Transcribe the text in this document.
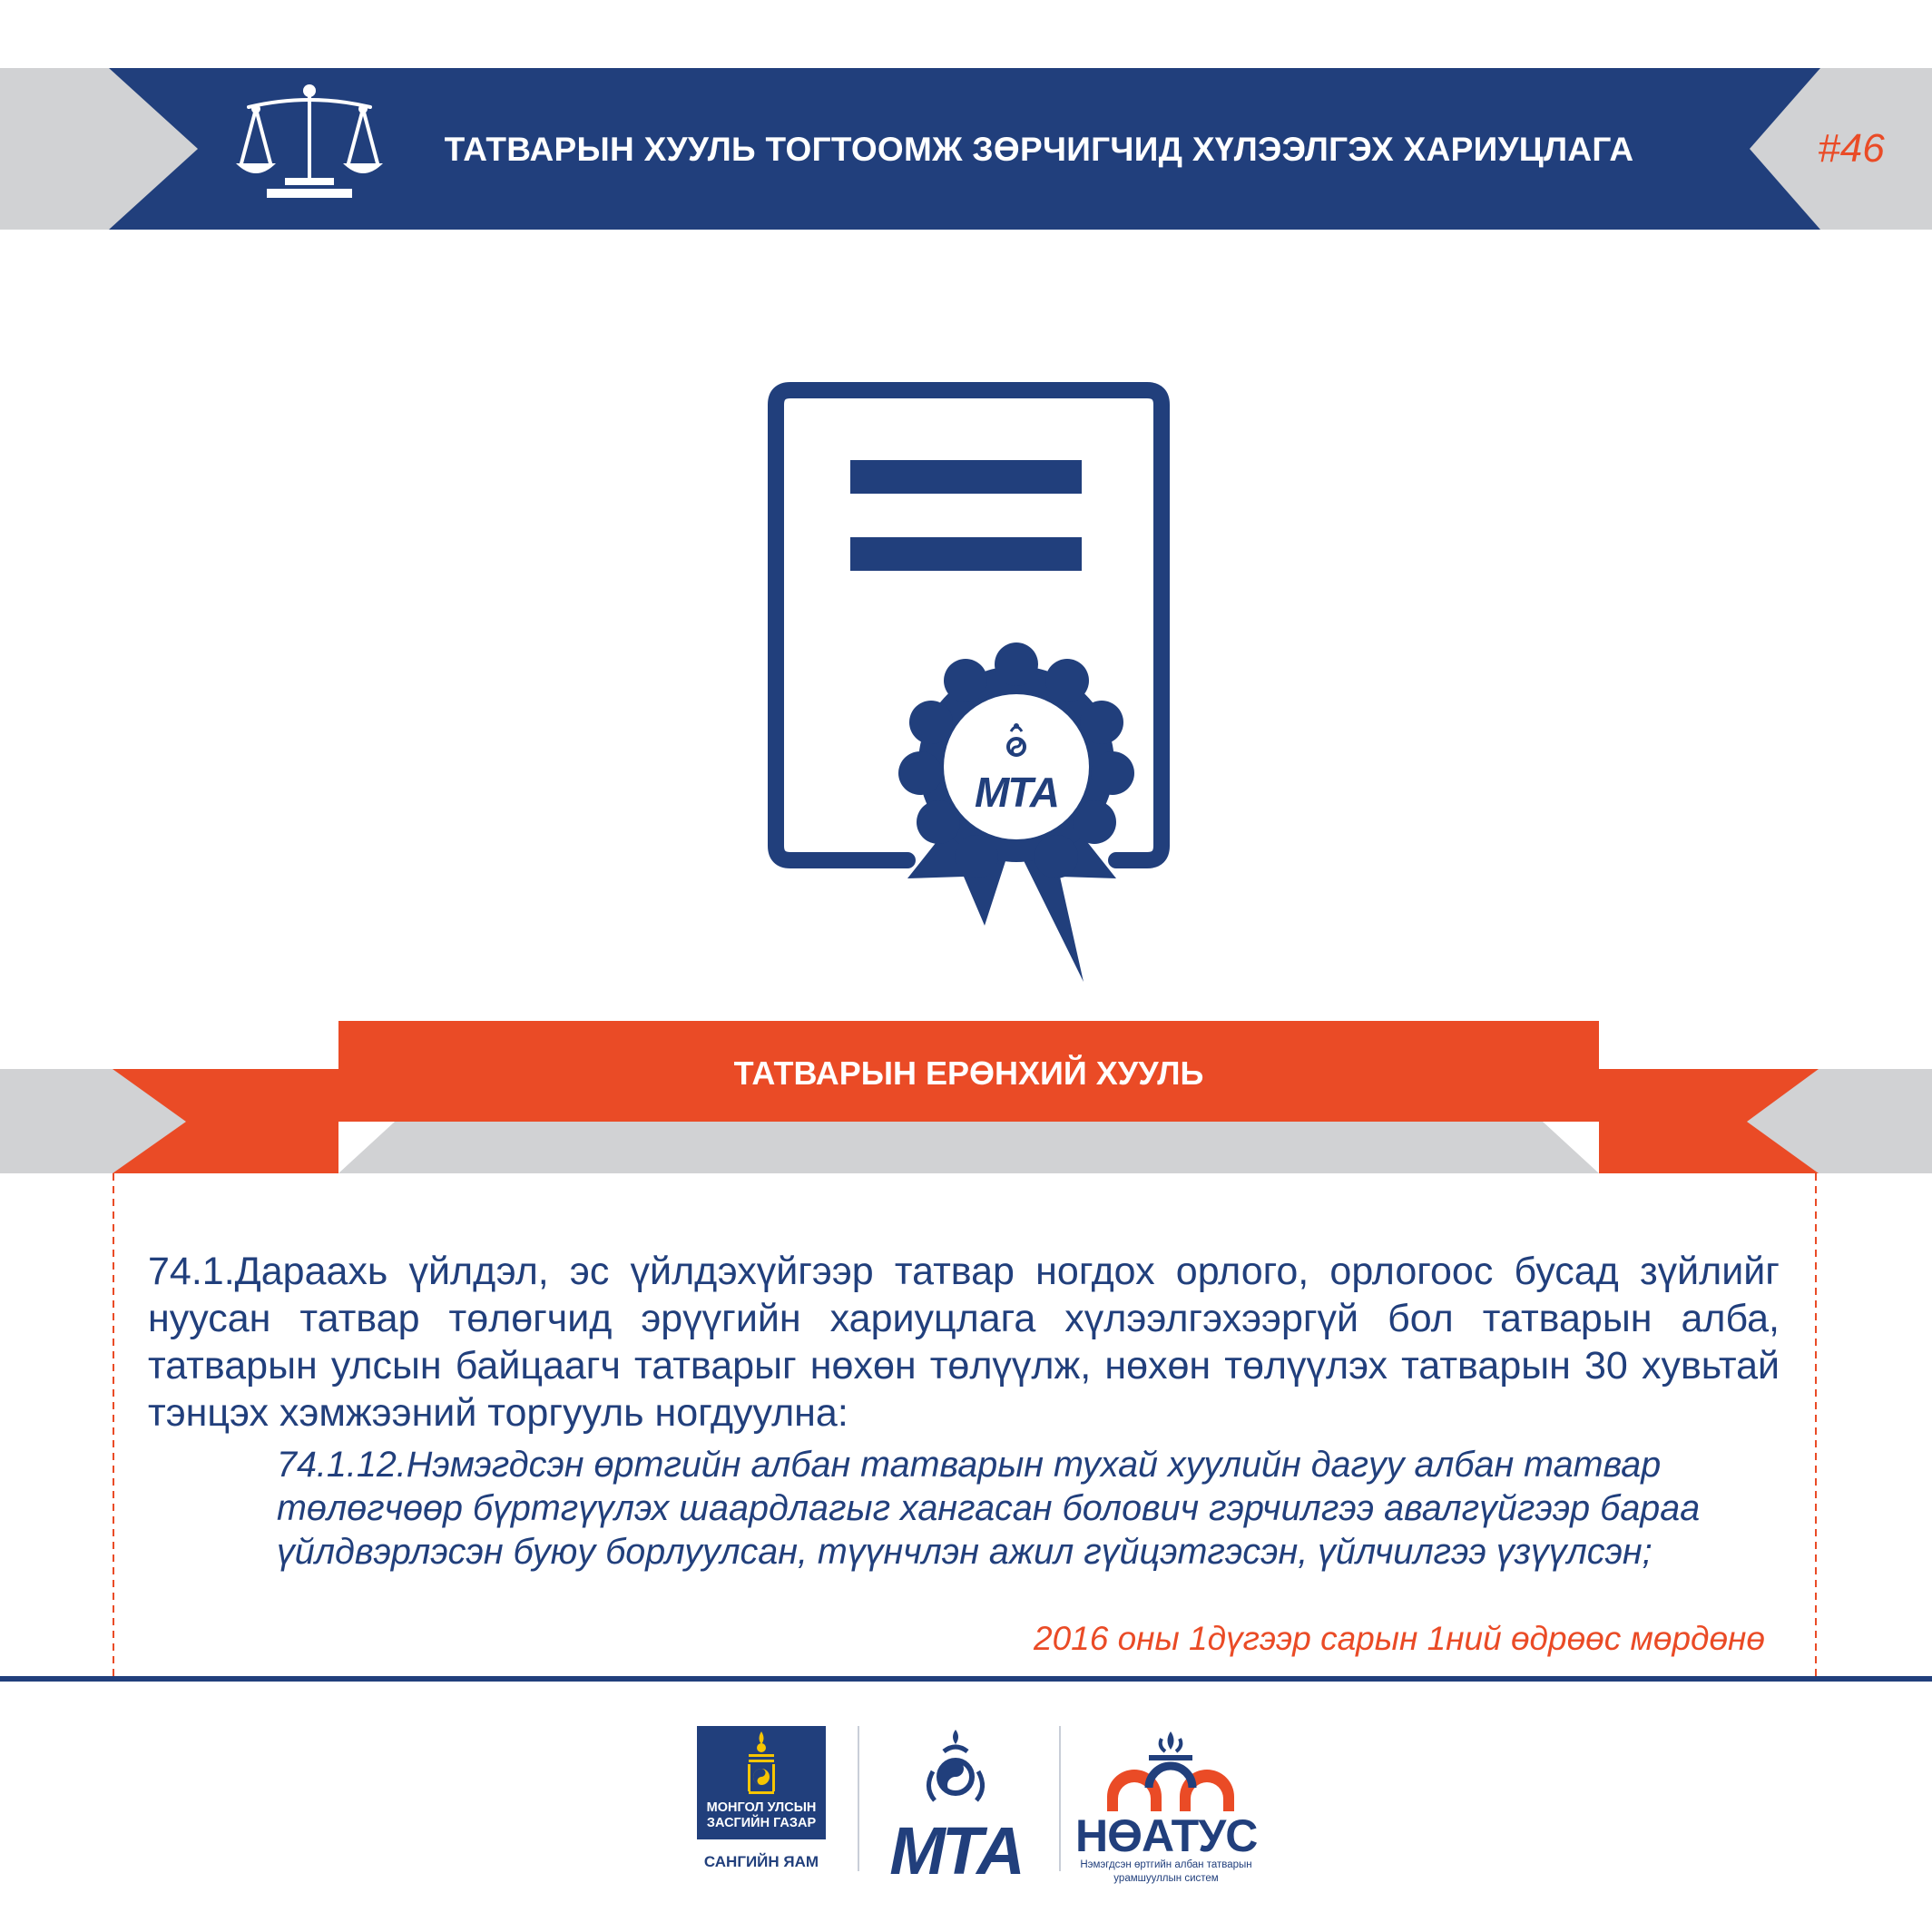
ТАТВАРЫН ХУУЛЬ ТОГТООМЖ ЗӨРЧИГЧИД ХҮЛЭЭЛГЭХ ХАРИУЦЛАГА	#46
МТА
ТАТВАРЫН ЕРӨНХИЙ ХУУЛЬ

74.1.Дараахь үйлдэл, эс үйлдэхүйгээр татвар ногдох орлого, орлогоос бусад зүйлийг нуусан татвар төлөгчид эрүүгийн хариуцлага хүлээлгэхээргүй бол татварын алба, татварын улсын байцаагч татварыг нөхөн төлүүлж, нөхөн төлүүлэх татварын 30 хувьтай тэнцэх хэмжээний торгууль ногдуулна:

74.1.12.Нэмэгдсэн өртгийн албан татварын тухай хуулийн дагуу албан татвар
төлөгчөөр бүртгүүлэх шаардлагыг хангасан болович гэрчилгээ авалгүйгээр бараа
үйлдвэрлэсэн буюу борлуулсан, түүнчлэн ажил гүйцэтгэсэн, үйлчилгээ үзүүлсэн;
2016 оны 1дүгээр сарын 1ний өдрөөс мөрдөнө
МОНГОЛ УЛСЫН
ЗАСГИЙН ГАЗАР
САНГИЙН ЯАМ	МТА	НӨАТУС
Нэмэгдсэн өртгийн албан татварын
урамшууллын систем
